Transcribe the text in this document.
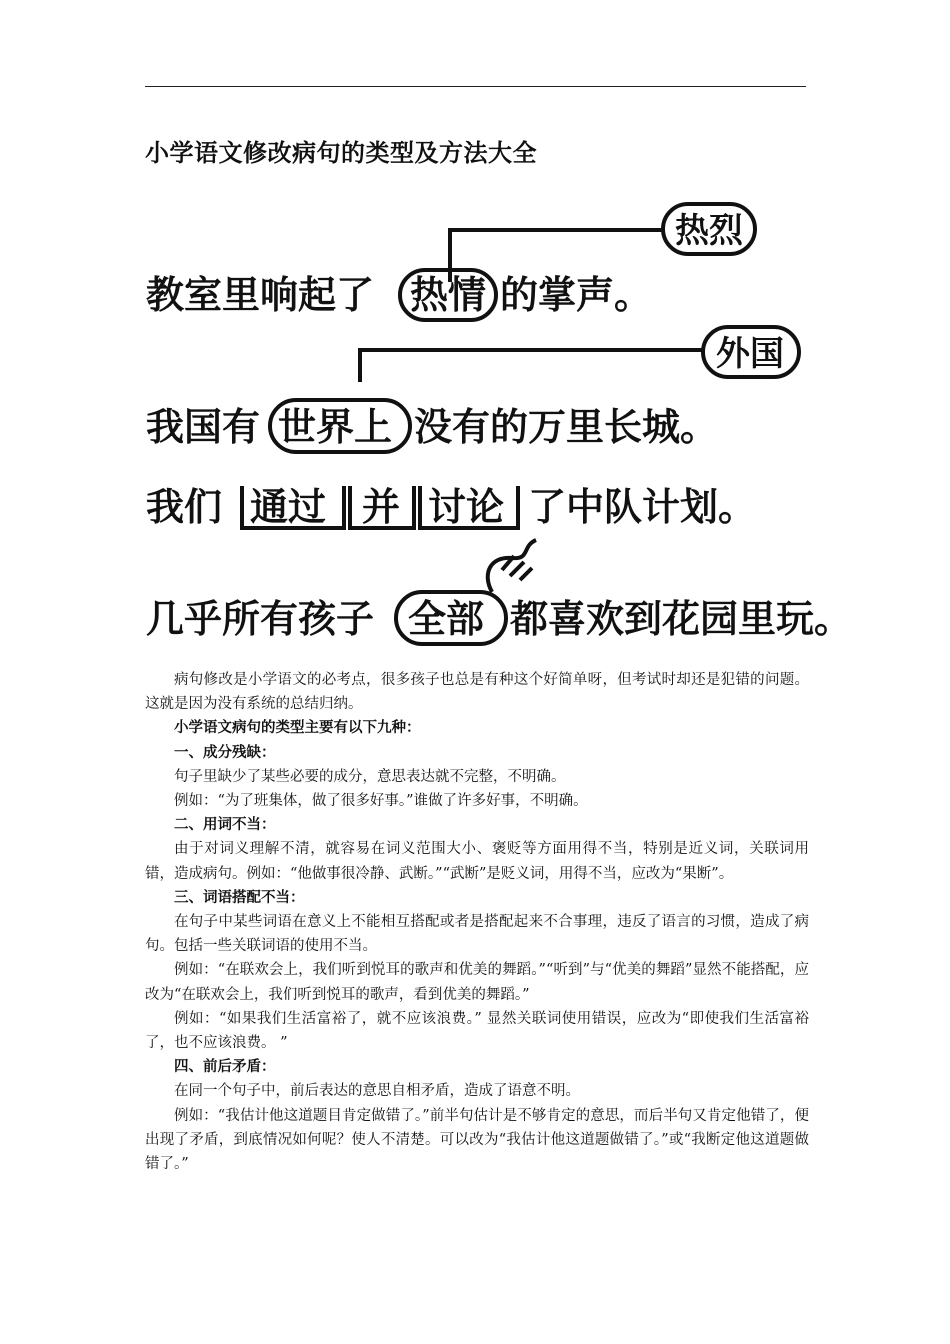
小学语文修改病句的类型及方法大全
热烈
教室里响起了 热情 的掌声。
外国
我国有 世界上 没有的万里长城。
我们 通过 并 讨论 了中队计划。
几乎所有孩子 全部 都喜欢到花园里玩。

病句修改是小学语文的必考点，很多孩子也总是有种这个好简单呀，但考试时却还是犯错的问题。这就是因为没有系统的总结归纳。

小学语文病句的类型主要有以下九种：

一、成分残缺：

句子里缺少了某些必要的成分，意思表达就不完整，不明确。

例如：“为了班集体，做了很多好事。”谁做了许多好事，不明确。

二、用词不当：

由于对词义理解不清，就容易在词义范围大小、褒贬等方面用得不当，特别是近义词，关联词用错，造成病句。例如：“他做事很冷静、武断。”“武断”是贬义词，用得不当，应改为“果断”。

三、词语搭配不当：

在句子中某些词语在意义上不能相互搭配或者是搭配起来不合事理，违反了语言的习惯，造成了病句。包括一些关联词语的使用不当。

例如：“在联欢会上，我们听到悦耳的歌声和优美的舞蹈。”“听到”与“优美的舞蹈”显然不能搭配，应改为“在联欢会上，我们听到悦耳的歌声，看到优美的舞蹈。”

例如：“如果我们生活富裕了，就不应该浪费。” 显然关联词使用错误，应改为“即使我们生活富裕了，也不应该浪费。 ”

四、前后矛盾：

在同一个句子中，前后表达的意思自相矛盾，造成了语意不明。

例如：“我估计他这道题目肯定做错了。”前半句估计是不够肯定的意思，而后半句又肯定他错了，便出现了矛盾，到底情况如何呢？使人不清楚。可以改为“我估计他这道题做错了。”或“我断定他这道题做错了。”
